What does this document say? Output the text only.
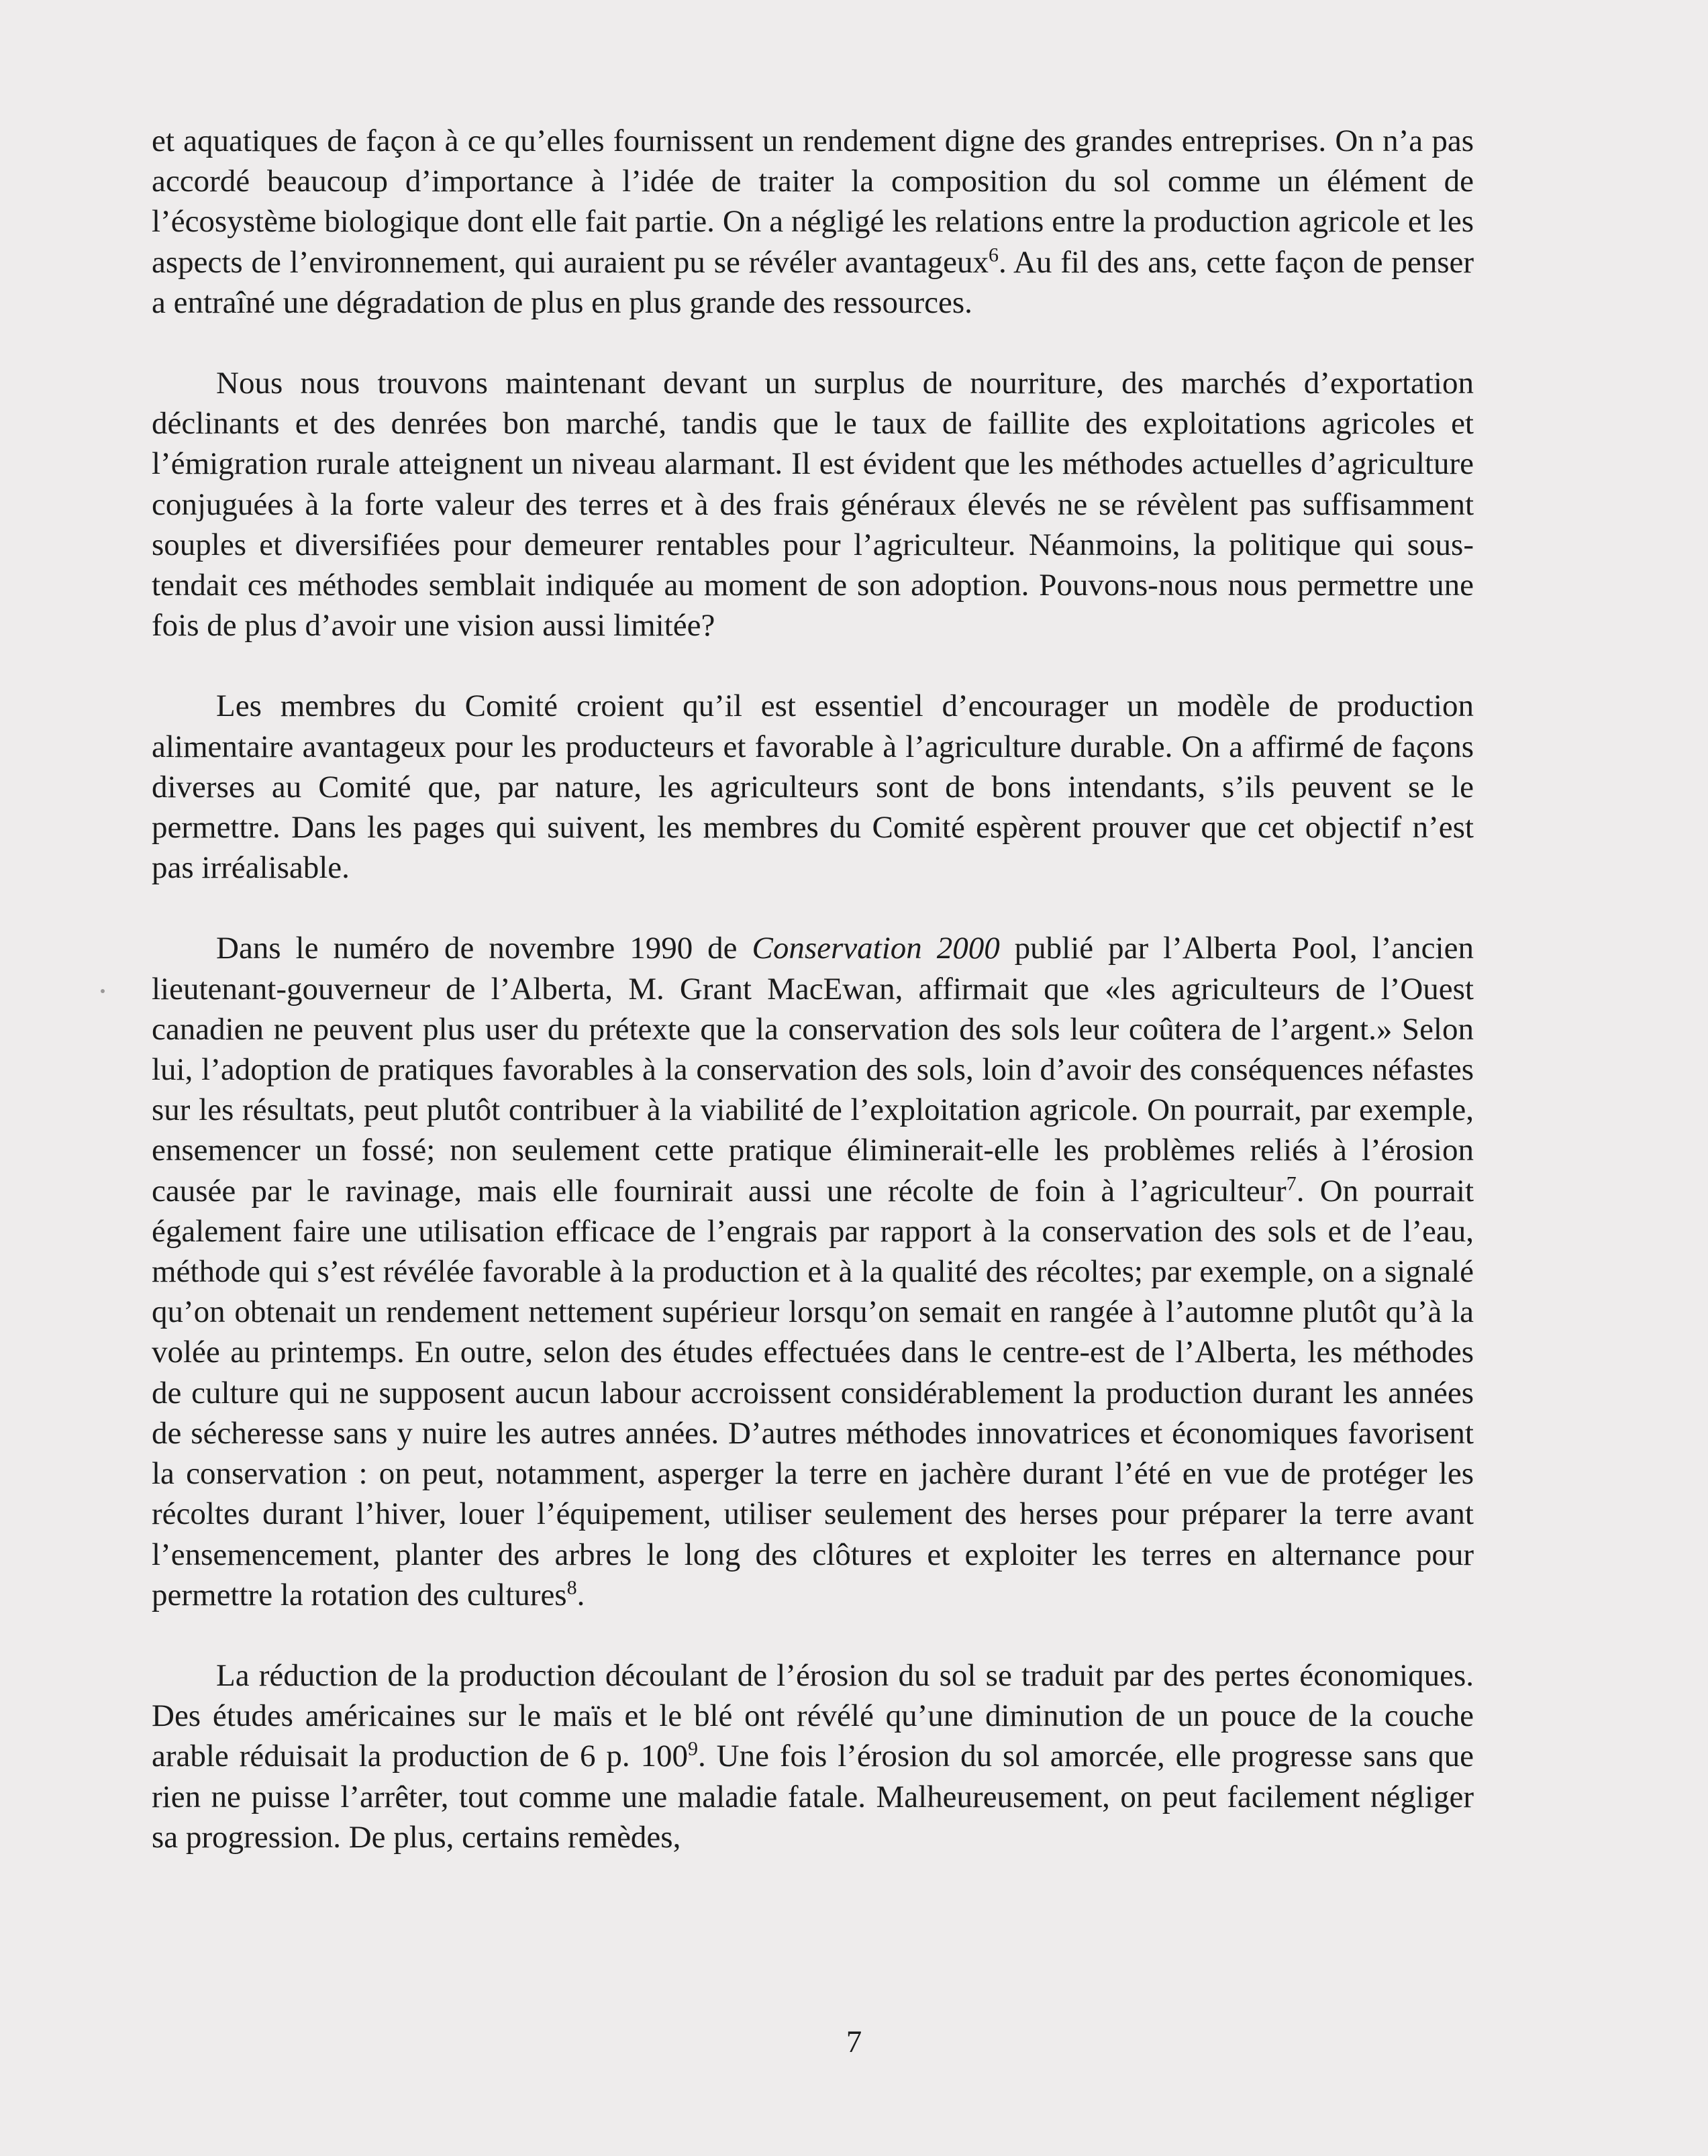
et aquatiques de façon à ce qu’elles fournissent un rendement digne des grandes entreprises. On n’a pas accordé beaucoup d’importance à l’idée de traiter la composition du sol comme un élément de l’écosystème biologique dont elle fait partie. On a négligé les relations entre la production agricole et les aspects de l’environnement, qui auraient pu se révéler avantageux$^6$. Au fil des ans, cette façon de penser a entraîné une dégradation de plus en plus grande des ressources.

Nous nous trouvons maintenant devant un surplus de nourriture, des marchés d’exportation déclinants et des denrées bon marché, tandis que le taux de faillite des exploitations agricoles et l’émigration rurale atteignent un niveau alarmant. Il est évident que les méthodes actuelles d’agriculture conjuguées à la forte valeur des terres et à des frais généraux élevés ne se révèlent pas suffisamment souples et diversifiées pour demeurer rentables pour l’agriculteur. Néanmoins, la politique qui sous-tendait ces méthodes semblait indiquée au moment de son adoption. Pouvons-nous nous permettre une fois de plus d’avoir une vision aussi limitée?

Les membres du Comité croient qu’il est essentiel d’encourager un modèle de production alimentaire avantageux pour les producteurs et favorable à l’agriculture durable. On a affirmé de façons diverses au Comité que, par nature, les agriculteurs sont de bons intendants, s’ils peuvent se le permettre. Dans les pages qui suivent, les membres du Comité espèrent prouver que cet objectif n’est pas irréalisable.

Dans le numéro de novembre 1990 de Conservation 2000 publié par l’Alberta Pool, l’ancien lieutenant-gouverneur de l’Alberta, M. Grant MacEwan, affirmait que «les agriculteurs de l’Ouest canadien ne peuvent plus user du prétexte que la conservation des sols leur coûtera de l’argent.» Selon lui, l’adoption de pratiques favorables à la conservation des sols, loin d’avoir des conséquences néfastes sur les résultats, peut plutôt contribuer à la viabilité de l’exploitation agricole. On pourrait, par exemple, ensemencer un fossé; non seulement cette pratique éliminerait-elle les problèmes reliés à l’érosion causée par le ravinage, mais elle fournirait aussi une récolte de foin à l’agriculteur$^7$. On pourrait également faire une utilisation efficace de l’engrais par rapport à la conservation des sols et de l’eau, méthode qui s’est révélée favorable à la production et à la qualité des récoltes; par exemple, on a signalé qu’on obtenait un rendement nettement supérieur lorsqu’on semait en rangée à l’automne plutôt qu’à la volée au printemps. En outre, selon des études effectuées dans le centre-est de l’Alberta, les méthodes de culture qui ne supposent aucun labour accroissent considérablement la production durant les années de sécheresse sans y nuire les autres années. D’autres méthodes innovatrices et économiques favorisent la conservation : on peut, notamment, asperger la terre en jachère durant l’été en vue de protéger les récoltes durant l’hiver, louer l’équipement, utiliser seulement des herses pour préparer la terre avant l’ensemencement, planter des arbres le long des clôtures et exploiter les terres en alternance pour permettre la rotation des cultures$^8$.

La réduction de la production découlant de l’érosion du sol se traduit par des pertes économiques. Des études américaines sur le maïs et le blé ont révélé qu’une diminution de un pouce de la couche arable réduisait la production de 6 p. $100^9$. Une fois l’érosion du sol amorcée, elle progresse sans que rien ne puisse l’arrêter, tout comme une maladie fatale. Malheureusement, on peut facilement négliger sa progression. De plus, certains remèdes,

7
